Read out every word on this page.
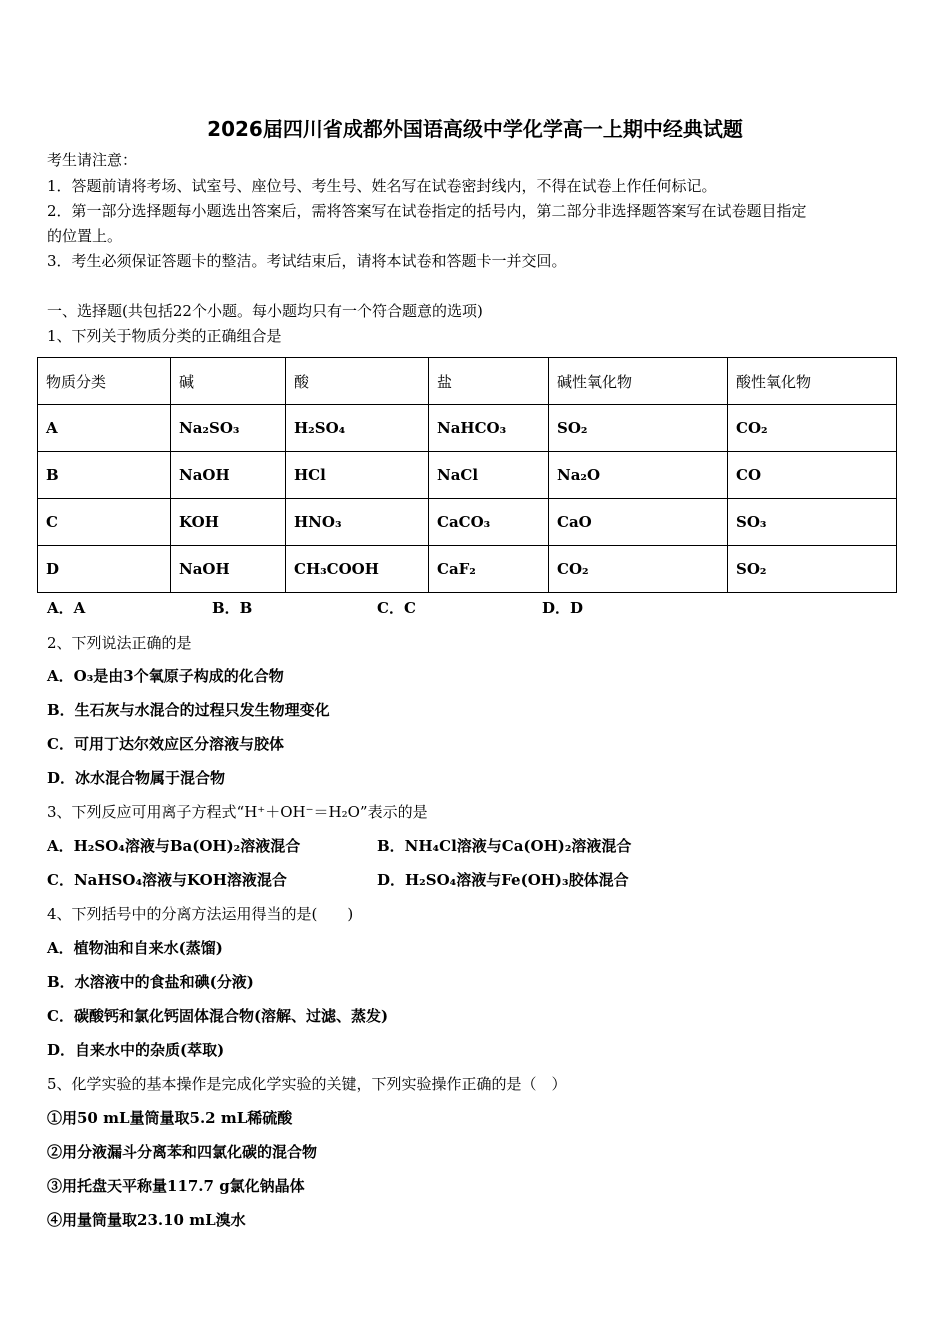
2026届四川省成都外国语高级中学化学高一上期中经典试题
考生请注意：
1．答题前请将考场、试室号、座位号、考生号、姓名写在试卷密封线内，不得在试卷上作任何标记。
2．第一部分选择题每小题选出答案后，需将答案写在试卷指定的括号内，第二部分非选择题答案写在试卷题目指定
的位置上。
3．考生必须保证答题卡的整洁。考试结束后，请将本试卷和答题卡一并交回。
一、选择题(共包括22个小题。每小题均只有一个符合题意的选项)
1、下列关于物质分类的正确组合是
物质分类	碱	酸	盐	碱性氧化物	酸性氧化物
A	Na₂SO₃	H₂SO₄	NaHCO₃	SO₂	CO₂
B	NaOH	HCl	NaCl	Na₂O	CO
C	KOH	HNO₃	CaCO₃	CaO	SO₃
D	NaOH	CH₃COOH	CaF₂	CO₂	SO₂
A．A	B．B	C．C	D．D
2、下列说法正确的是
A．O₃是由3个氧原子构成的化合物
B．生石灰与水混合的过程只发生物理变化
C．可用丁达尔效应区分溶液与胶体
D．冰水混合物属于混合物
3、下列反应可用离子方程式“H⁺＋OH⁻＝H₂O”表示的是
A．H₂SO₄溶液与Ba(OH)₂溶液混合	B．NH₄Cl溶液与Ca(OH)₂溶液混合
C．NaHSO₄溶液与KOH溶液混合	D．H₂SO₄溶液与Fe(OH)₃胶体混合
4、下列括号中的分离方法运用得当的是(　　)
A．植物油和自来水(蒸馏)
B．水溶液中的食盐和碘(分液)
C．碳酸钙和氯化钙固体混合物(溶解、过滤、蒸发)
D．自来水中的杂质(萃取)
5、化学实验的基本操作是完成化学实验的关键，下列实验操作正确的是（　）
①用50 mL量筒量取5.2 mL稀硫酸
②用分液漏斗分离苯和四氯化碳的混合物
③用托盘天平称量117.7 g氯化钠晶体
④用量筒量取23.10 mL溴水
